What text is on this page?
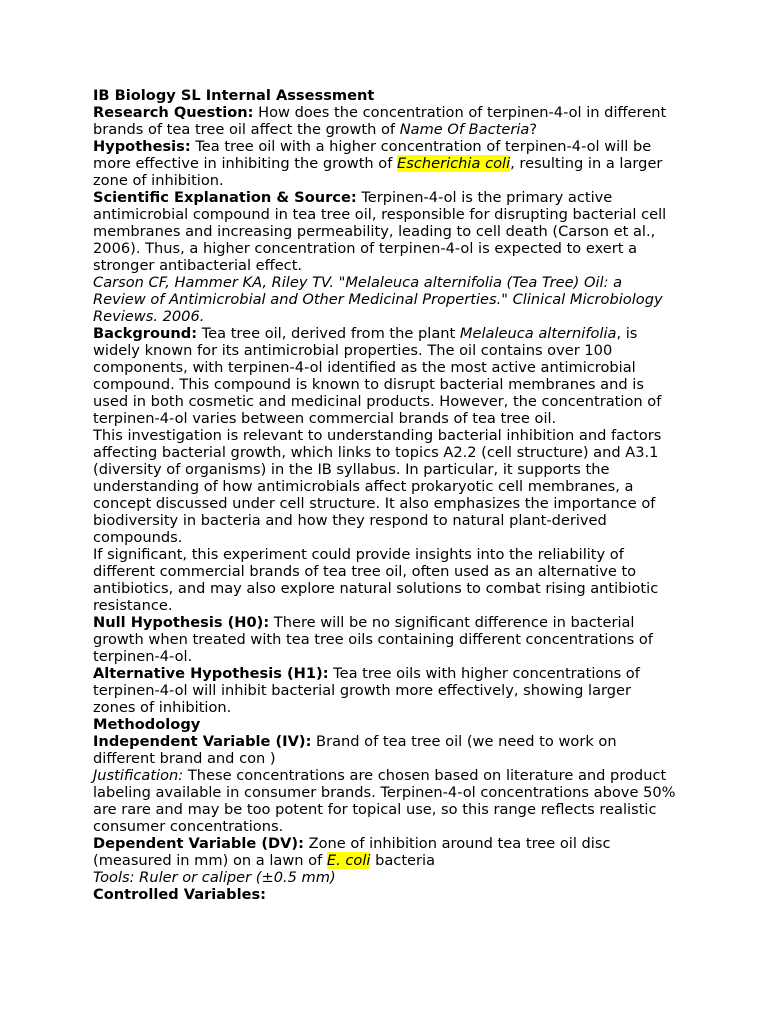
IB Biology SL Internal Assessment

Research Question: How does the concentration of terpinen-4-ol in different brands of tea tree oil affect the growth of Name Of Bacteria?

Hypothesis: Tea tree oil with a higher concentration of terpinen-4-ol will be more effective in inhibiting the growth of Escherichia coli, resulting in a larger zone of inhibition.

Scientific Explanation & Source: Terpinen-4-ol is the primary active antimicrobial compound in tea tree oil, responsible for disrupting bacterial cell membranes and increasing permeability, leading to cell death (Carson et al., 2006). Thus, a higher concentration of terpinen-4-ol is expected to exert a stronger antibacterial effect.

Carson CF, Hammer KA, Riley TV. "Melaleuca alternifolia (Tea Tree) Oil: a Review of Antimicrobial and Other Medicinal Properties." Clinical Microbiology Reviews. 2006.

Background: Tea tree oil, derived from the plant Melaleuca alternifolia, is widely known for its antimicrobial properties. The oil contains over 100 components, with terpinen-4-ol identified as the most active antimicrobial compound. This compound is known to disrupt bacterial membranes and is used in both cosmetic and medicinal products. However, the concentration of terpinen-4-ol varies between commercial brands of tea tree oil.

This investigation is relevant to understanding bacterial inhibition and factors affecting bacterial growth, which links to topics A2.2 (cell structure) and A3.1 (diversity of organisms) in the IB syllabus. In particular, it supports the understanding of how antimicrobials affect prokaryotic cell membranes, a concept discussed under cell structure. It also emphasizes the importance of biodiversity in bacteria and how they respond to natural plant-derived compounds.

If significant, this experiment could provide insights into the reliability of different commercial brands of tea tree oil, often used as an alternative to antibiotics, and may also explore natural solutions to combat rising antibiotic resistance.

Null Hypothesis (H0): There will be no significant difference in bacterial growth when treated with tea tree oils containing different concentrations of terpinen-4-ol.

Alternative Hypothesis (H1): Tea tree oils with higher concentrations of terpinen-4-ol will inhibit bacterial growth more effectively, showing larger zones of inhibition.

Methodology

Independent Variable (IV): Brand of tea tree oil (we need to work on different brand and con )

Justification: These concentrations are chosen based on literature and product labeling available in consumer brands. Terpinen-4-ol concentrations above 50% are rare and may be too potent for topical use, so this range reflects realistic consumer concentrations.

Dependent Variable (DV): Zone of inhibition around tea tree oil disc (measured in mm) on a lawn of E. coli bacteria

Tools: Ruler or caliper (±0.5 mm)

Controlled Variables:
